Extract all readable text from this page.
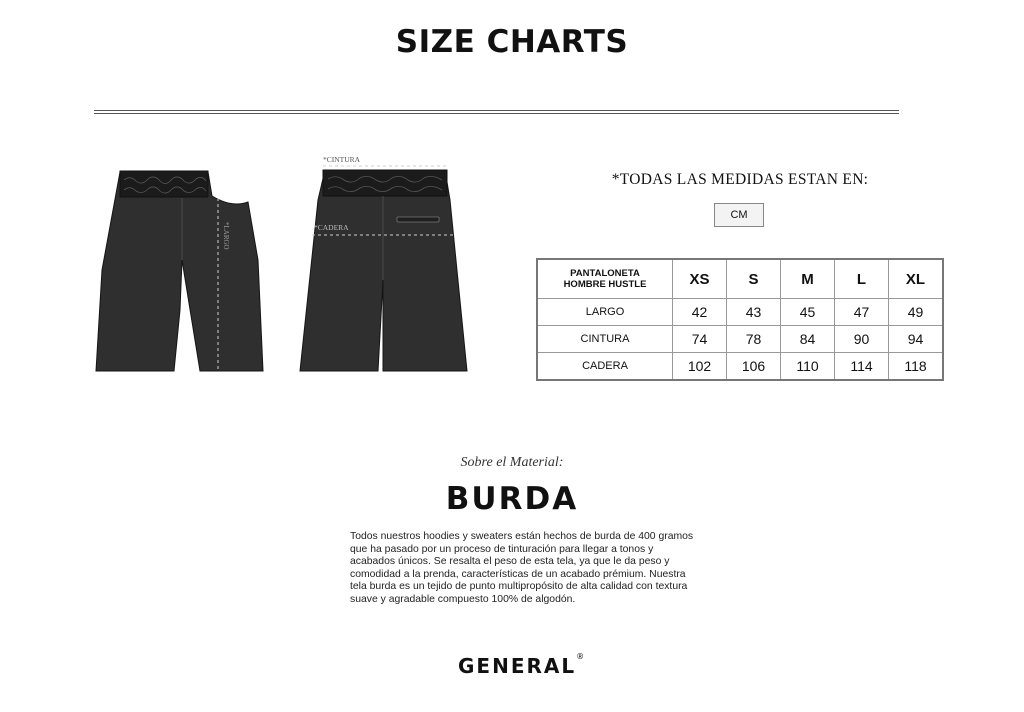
SIZE CHARTS
*LARGO
*CINTURA
*CADERA
*TODAS LAS MEDIDAS ESTAN EN:
CM
PANTALONETA
HOMBRE HUSTLE	XS	S	M	L	XL
LARGO	42	43	45	47	49
CINTURA	74	78	84	90	94
CADERA	102	106	110	114	118
Sobre el Material:
BURDA
Todos nuestros hoodies y sweaters están hechos de burda de 400 gramos que ha pasado por un proceso de tinturación para llegar a tonos y acabados únicos. Se resalta el peso de esta tela, ya que le da peso y comodidad a la prenda, características de un acabado prémium. Nuestra tela burda es un tejido de punto multipropósito de alta calidad con textura suave y agradable compuesto 100% de algodón.
GENERAL®
